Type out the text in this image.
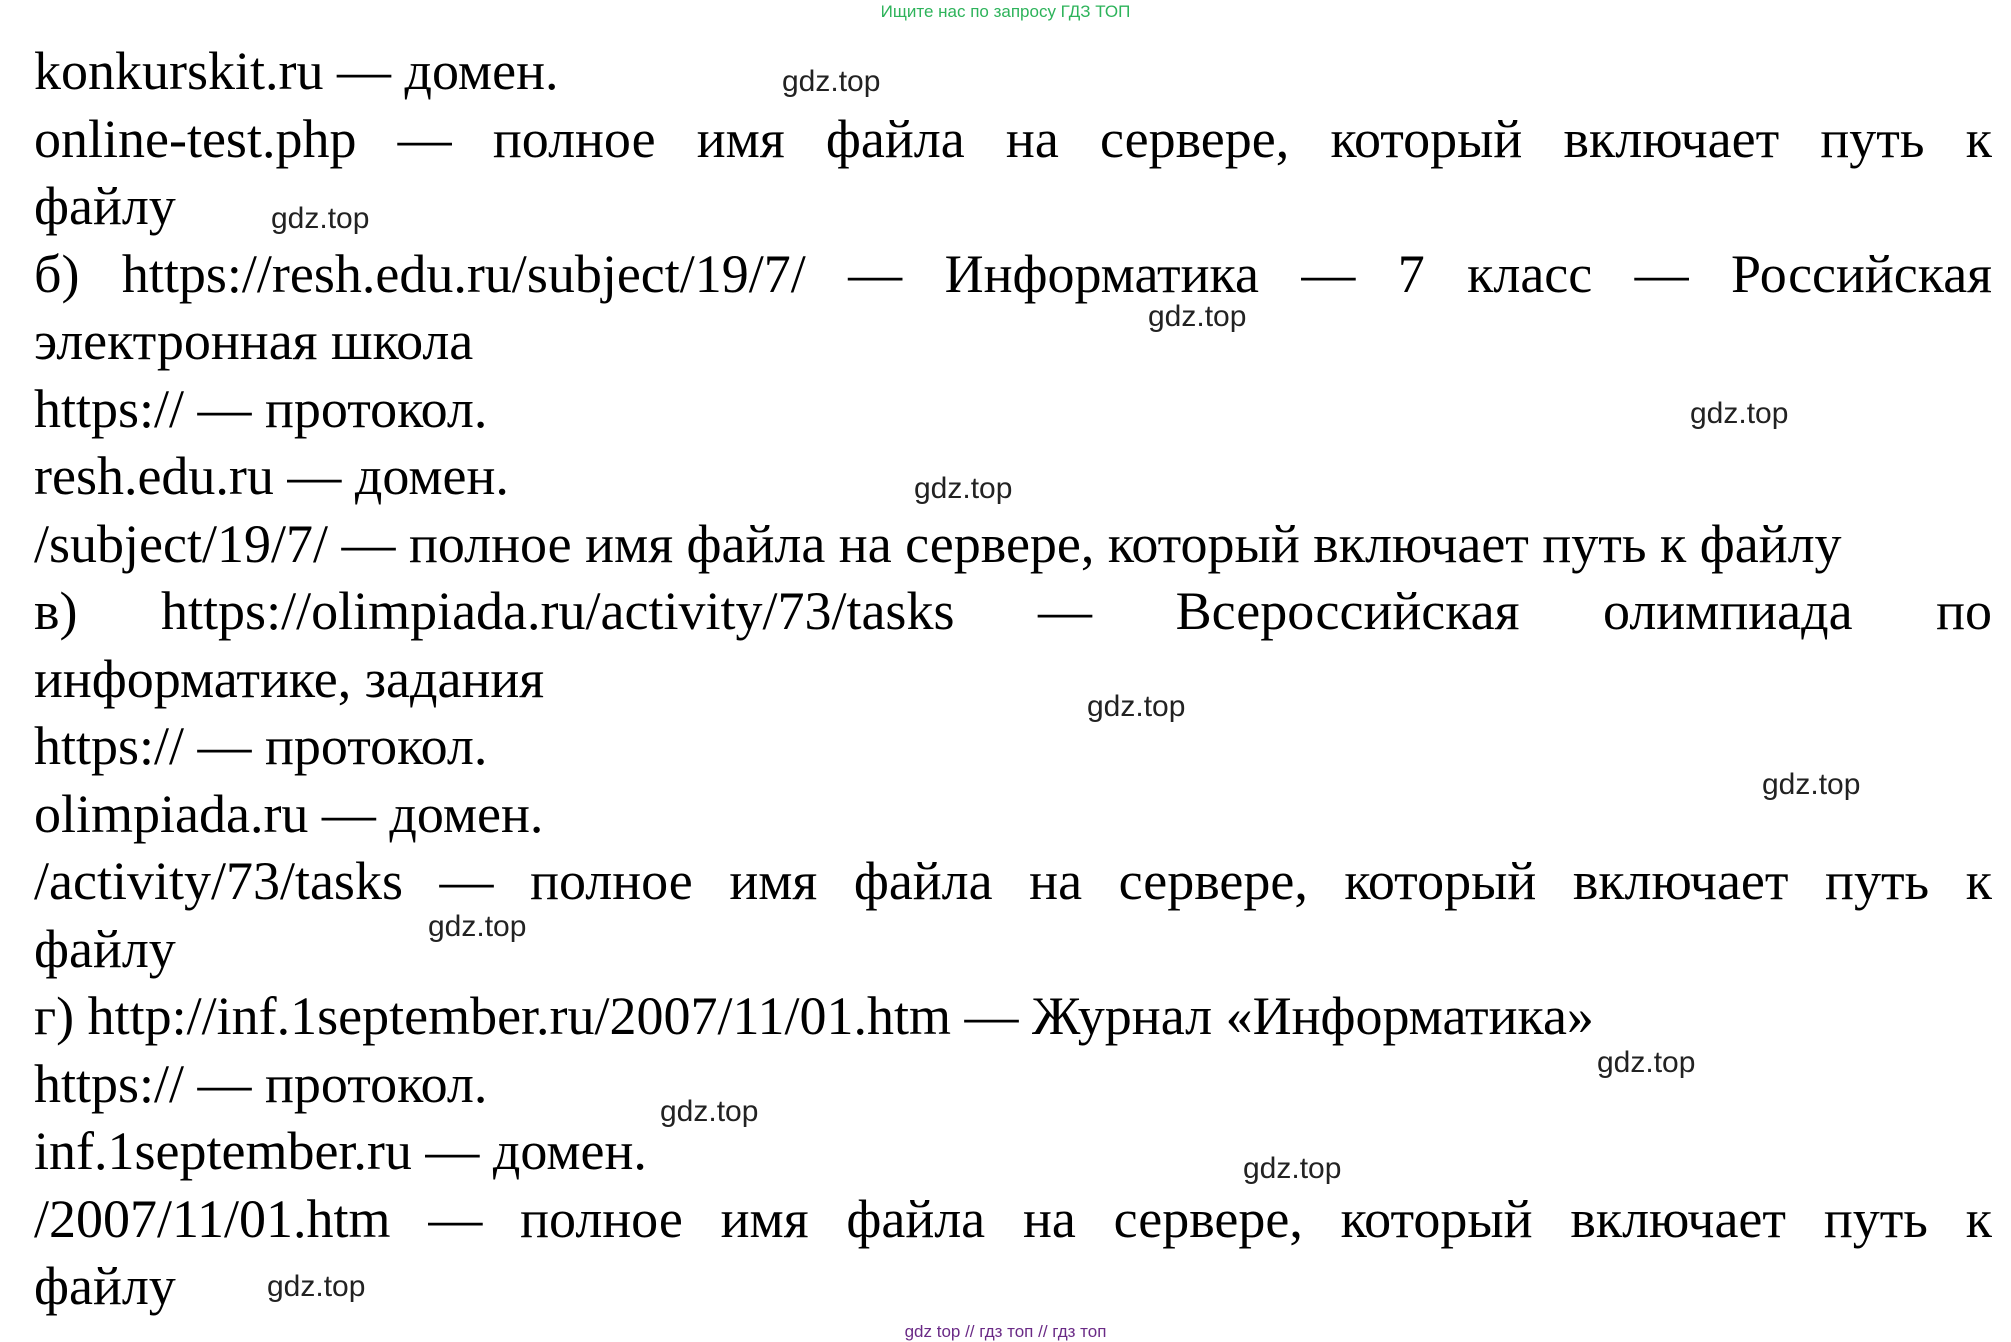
Ищите нас по запросу ГДЗ ТОП
konkurskit.ru — домен.
online-test.php — полное имя файла на сервере, который включает путь к
файлу
б) https://resh.edu.ru/subject/19/7/ — Информатика — 7 класс — Российская
электронная школа
https:// — протокол.
resh.edu.ru — домен.
/subject/19/7/ — полное имя файла на сервере, который включает путь к файлу
в) https://olimpiada.ru/activity/73/tasks — Всероссийская олимпиада по
информатике, задания
https:// — протокол.
olimpiada.ru — домен.
/activity/73/tasks — полное имя файла на сервере, который включает путь к
файлу
г) http://inf.1september.ru/2007/11/01.htm — Журнал «Информатика»
https:// — протокол.
inf.1september.ru — домен.
/2007/11/01.htm — полное имя файла на сервере, который включает путь к
файлу
gdz.top
gdz.top
gdz.top
gdz.top
gdz.top
gdz.top
gdz.top
gdz.top
gdz.top
gdz.top
gdz.top
gdz.top
gdz top // гдз топ // гдз топ
